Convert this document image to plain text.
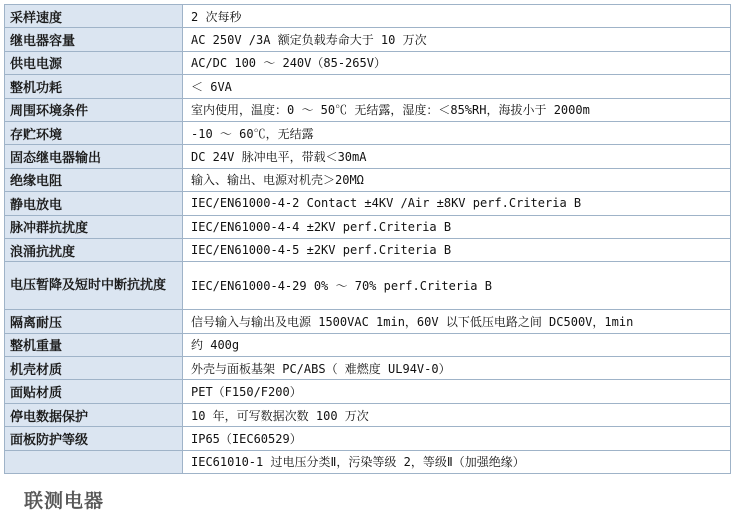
采样速度	2 次每秒
继电器容量	AC 250V /3A 额定负载寿命大于 10 万次
供电电源	AC/DC 100 ～ 240V（85-265V）
整机功耗	＜ 6VA
周围环境条件	室内使用，温度：0 ～ 50℃ 无结露，湿度：＜85%RH，海拔小于 2000m
存贮环境	-10 ～ 60℃，无结露
固态继电器输出	DC 24V 脉冲电平，带载＜30mA
绝缘电阻	输入、输出、电源对机壳＞20MΩ
静电放电	IEC/EN61000-4-2 Contact ±4KV /Air ±8KV perf.Criteria B
脉冲群抗扰度	IEC/EN61000-4-4 ±2KV perf.Criteria B
浪涌抗扰度	IEC/EN61000-4-5 ±2KV perf.Criteria B
电压暂降及短时中断抗扰度	IEC/EN61000-4-29 0% ～ 70% perf.Criteria B
隔离耐压	信号输入与输出及电源 1500VAC 1min，60V 以下低压电路之间 DC500V，1min
整机重量	约 400g
机壳材质	外壳与面板基架 PC/ABS（ 难燃度 UL94V-0）
面贴材质	PET（F150/F200）
停电数据保护	10 年，可写数据次数 100 万次
面板防护等级	IP65（IEC60529）
	IEC61010-1 过电压分类Ⅱ，污染等级 2，等级Ⅱ（加强绝缘）
联测电器
